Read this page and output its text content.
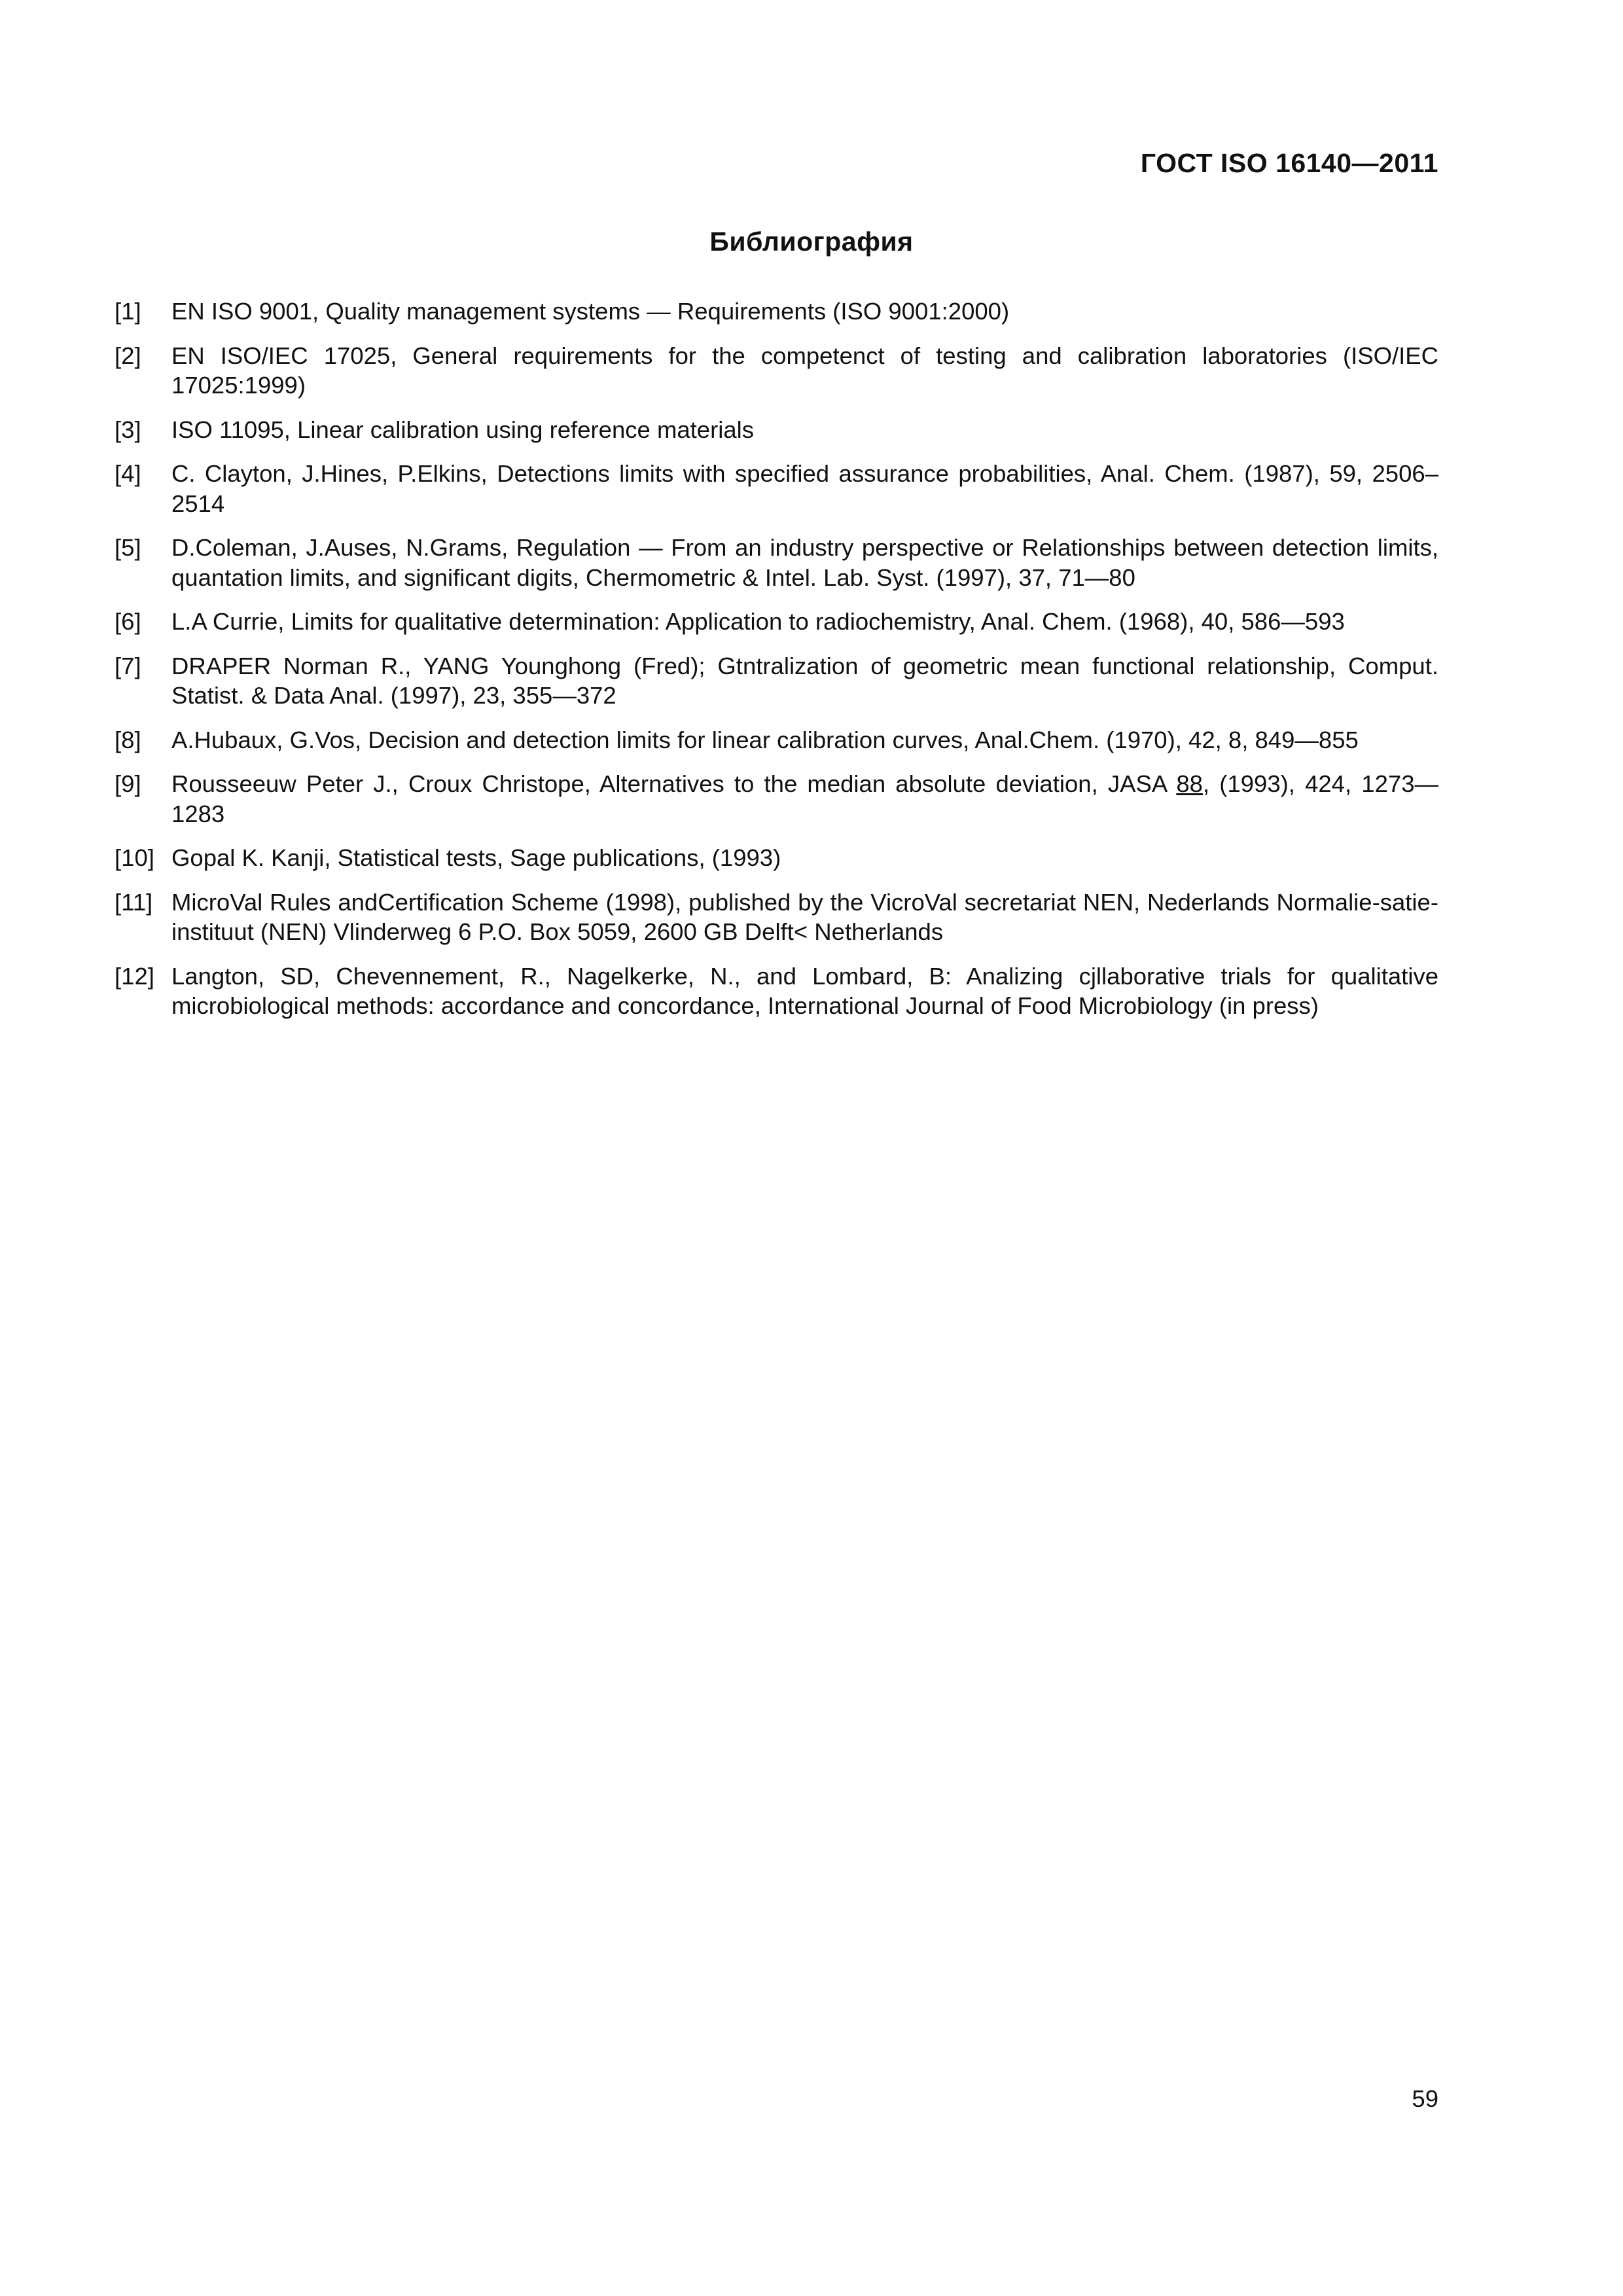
ГОСТ ISO 16140—2011
Библиография
[1]	EN ISO 9001, Quality management systems — Requirements (ISO 9001:2000)
[2]	EN ISO/IEC 17025, General requirements for the competenct of testing and calibration laboratories (ISO/IEC 17025:1999)
[3]	ISO 11095, Linear calibration using reference materials
[4]	C. Clayton, J.Hines, P.Elkins, Detections limits with specified assurance probabilities, Anal. Chem. (1987), 59, 2506–2514
[5]	D.Coleman, J.Auses, N.Grams, Regulation — From an industry perspective or Relationships between detection limits, quantation limits, and significant digits, Chermometric & Intel. Lab. Syst. (1997), 37, 71—80
[6]	L.A Currie, Limits for qualitative determination: Application to radiochemistry, Anal. Chem. (1968), 40, 586—593
[7]	DRAPER Norman R., YANG Younghong (Fred); Gtntralization of geometric mean functional relationship, Comput. Statist. & Data Anal. (1997), 23, 355—372
[8]	A.Hubaux, G.Vos, Decision and detection limits for linear calibration curves, Anal.Chem. (1970), 42, 8, 849—855
[9]	Rousseeuw Peter J., Croux Christope, Alternatives to the median absolute deviation, JASA 88, (1993), 424, 1273—1283
[10] Gopal K. Kanji, Statistical tests, Sage publications, (1993)
[11] MicroVal Rules andCertification Scheme (1998), published by the VicroVal secretariat NEN, Nederlands Normalie-satie-instituut (NEN) Vlinderweg 6 P.O. Box 5059, 2600 GB Delft< Netherlands
[12] Langton, SD, Chevennement, R., Nagelkerke, N., and Lombard, B: Analizing cjllaborative trials for qualitative microbiological methods: accordance and concordance, International Journal of Food Microbiology (in press)
59
